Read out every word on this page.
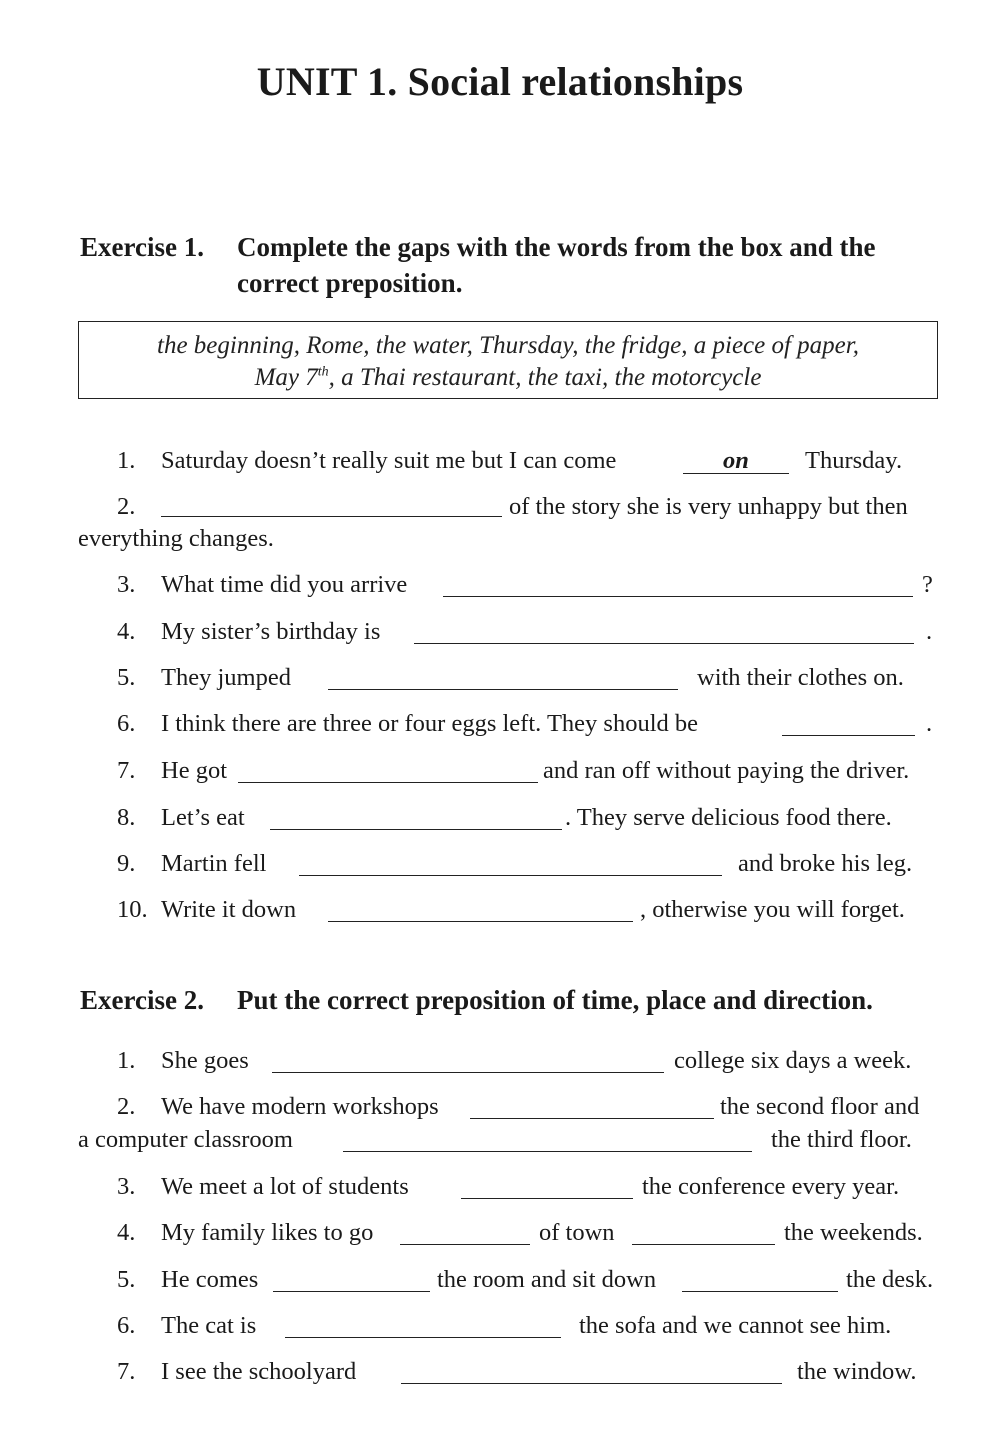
UNIT 1. Social relationships
Exercise 1. Complete the gaps with the words from the box and the
correct preposition.
the beginning, Rome, the water, Thursday, the fridge, a piece of paper,
May 7th, a Thai restaurant, the taxi, the motorcycle
1. Saturday doesn’t really suit me but I can come	on	Thursday.
2.	of the story she is very unhappy but then
everything changes.
3. What time did you arrive	?
4. My sister’s birthday is	.
5. They jumped	with their clothes on.
6. I think there are three or four eggs left. They should be	.
7. He got	and ran off without paying the driver.
8. Let’s eat	. They serve delicious food there.
9. Martin fell	and broke his leg.
10. Write it down	, otherwise you will forget.
Exercise 2. Put the correct preposition of time, place and direction.
1. She goes	college six days a week.
2. We have modern workshops	the second floor and
a computer classroom	the third floor.
3. We meet a lot of students	the conference every year.
4. My family likes to go	of town	the weekends.
5. He comes	the room and sit down	the desk.
6. The cat is	the sofa and we cannot see him.
7. I see the schoolyard	the window.
